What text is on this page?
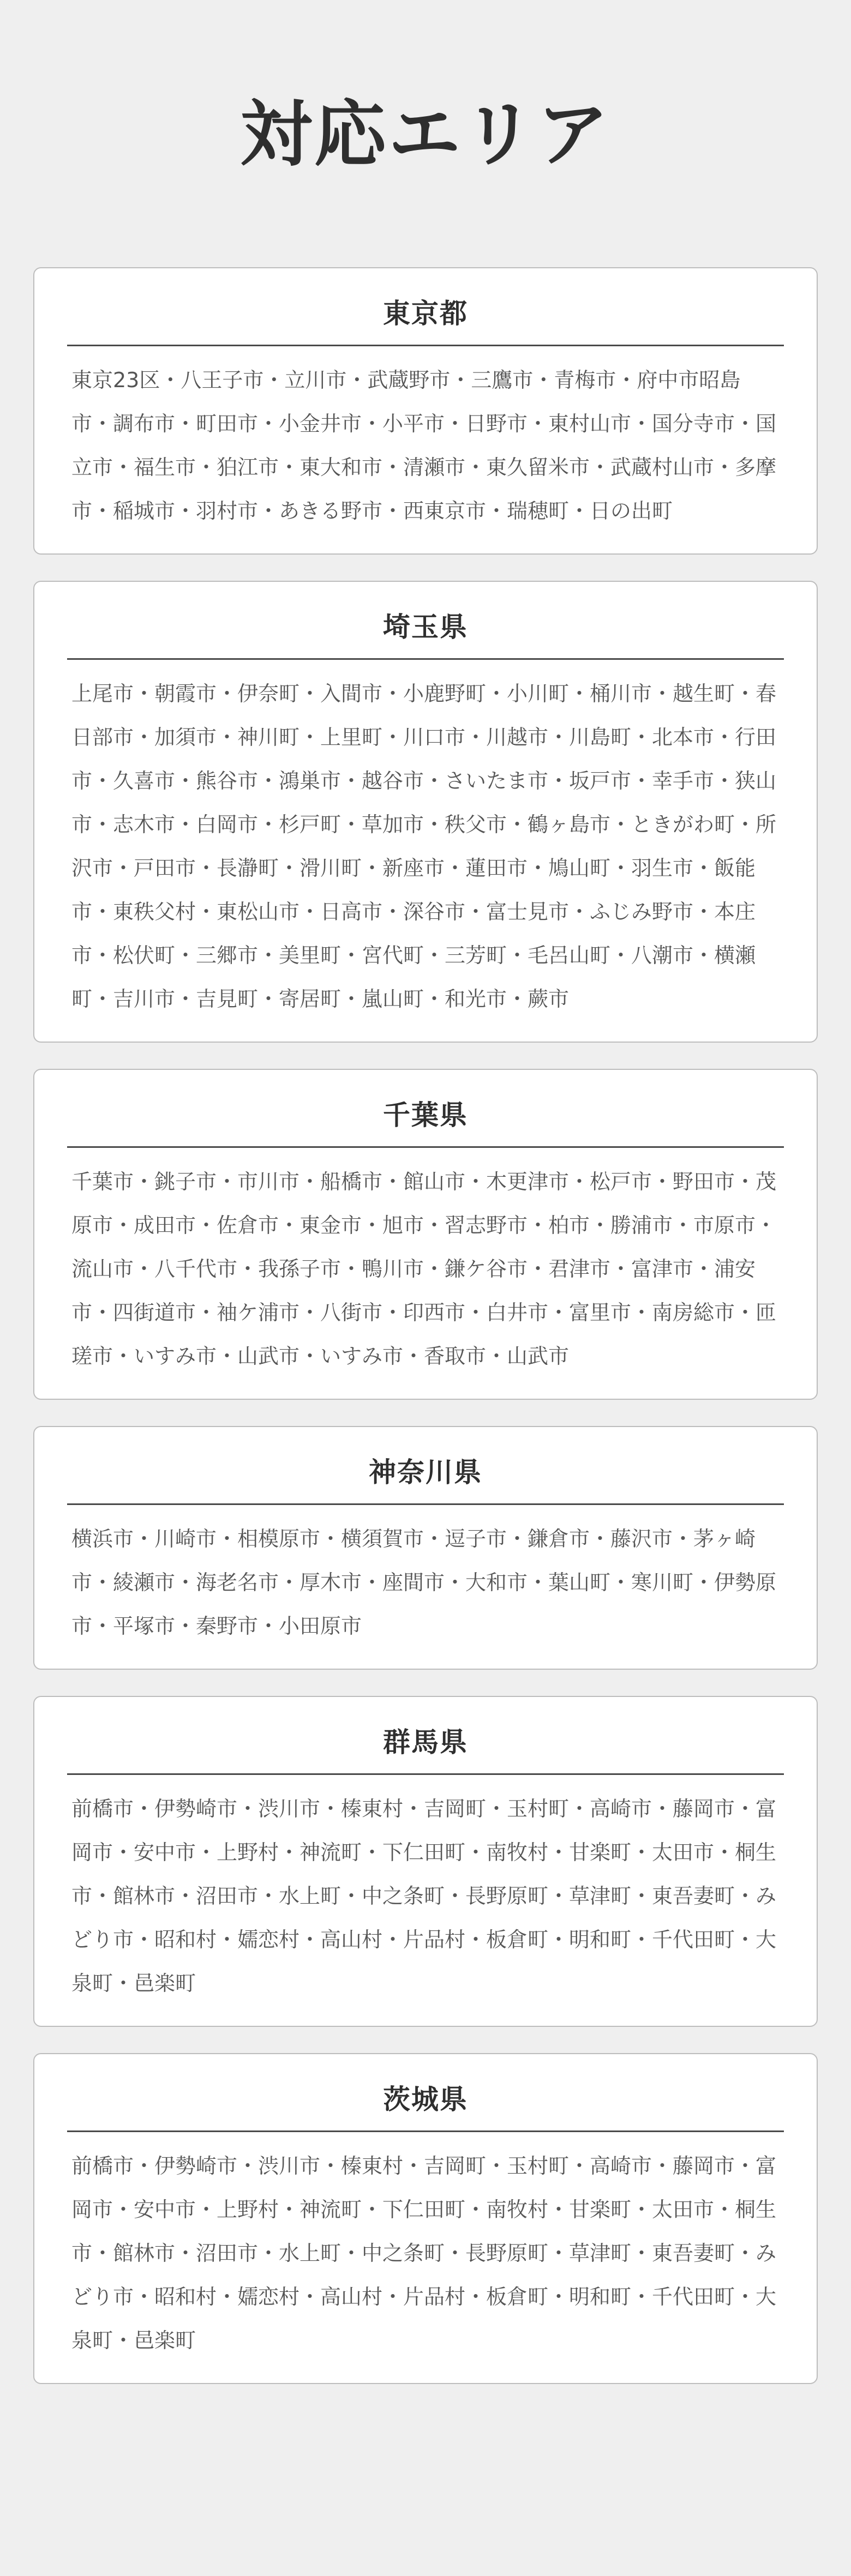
対応エリア
東京都

東京23区・八王子市・立川市・武蔵野市・三鷹市・青梅市・府中市昭島市・調布市・町田市・小金井市・小平市・日野市・東村山市・国分寺市・国立市・福生市・狛江市・東大和市・清瀬市・東久留米市・武蔵村山市・多摩市・稲城市・羽村市・あきる野市・西東京市・瑞穂町・日の出町

埼玉県

上尾市・朝霞市・伊奈町・入間市・小鹿野町・小川町・桶川市・越生町・春日部市・加須市・神川町・上里町・川口市・川越市・川島町・北本市・行田市・久喜市・熊谷市・鴻巣市・越谷市・さいたま市・坂戸市・幸手市・狭山市・志木市・白岡市・杉戸町・草加市・秩父市・鶴ヶ島市・ときがわ町・所沢市・戸田市・長瀞町・滑川町・新座市・蓮田市・鳩山町・羽生市・飯能市・東秩父村・東松山市・日高市・深谷市・富士見市・ふじみ野市・本庄市・松伏町・三郷市・美里町・宮代町・三芳町・毛呂山町・八潮市・横瀬町・吉川市・吉見町・寄居町・嵐山町・和光市・蕨市

千葉県

千葉市・銚子市・市川市・船橋市・館山市・木更津市・松戸市・野田市・茂原市・成田市・佐倉市・東金市・旭市・習志野市・柏市・勝浦市・市原市・流山市・八千代市・我孫子市・鴨川市・鎌ケ谷市・君津市・富津市・浦安市・四街道市・袖ケ浦市・八街市・印西市・白井市・富里市・南房総市・匝瑳市・いすみ市・山武市・いすみ市・香取市・山武市

神奈川県

横浜市・川崎市・相模原市・横須賀市・逗子市・鎌倉市・藤沢市・茅ヶ崎市・綾瀬市・海老名市・厚木市・座間市・大和市・葉山町・寒川町・伊勢原市・平塚市・秦野市・小田原市

群馬県

前橋市・伊勢崎市・渋川市・榛東村・吉岡町・玉村町・高崎市・藤岡市・富岡市・安中市・上野村・神流町・下仁田町・南牧村・甘楽町・太田市・桐生市・館林市・沼田市・水上町・中之条町・長野原町・草津町・東吾妻町・みどり市・昭和村・嬬恋村・高山村・片品村・板倉町・明和町・千代田町・大泉町・邑楽町

茨城県

前橋市・伊勢崎市・渋川市・榛東村・吉岡町・玉村町・高崎市・藤岡市・富岡市・安中市・上野村・神流町・下仁田町・南牧村・甘楽町・太田市・桐生市・館林市・沼田市・水上町・中之条町・長野原町・草津町・東吾妻町・みどり市・昭和村・嬬恋村・高山村・片品村・板倉町・明和町・千代田町・大泉町・邑楽町
